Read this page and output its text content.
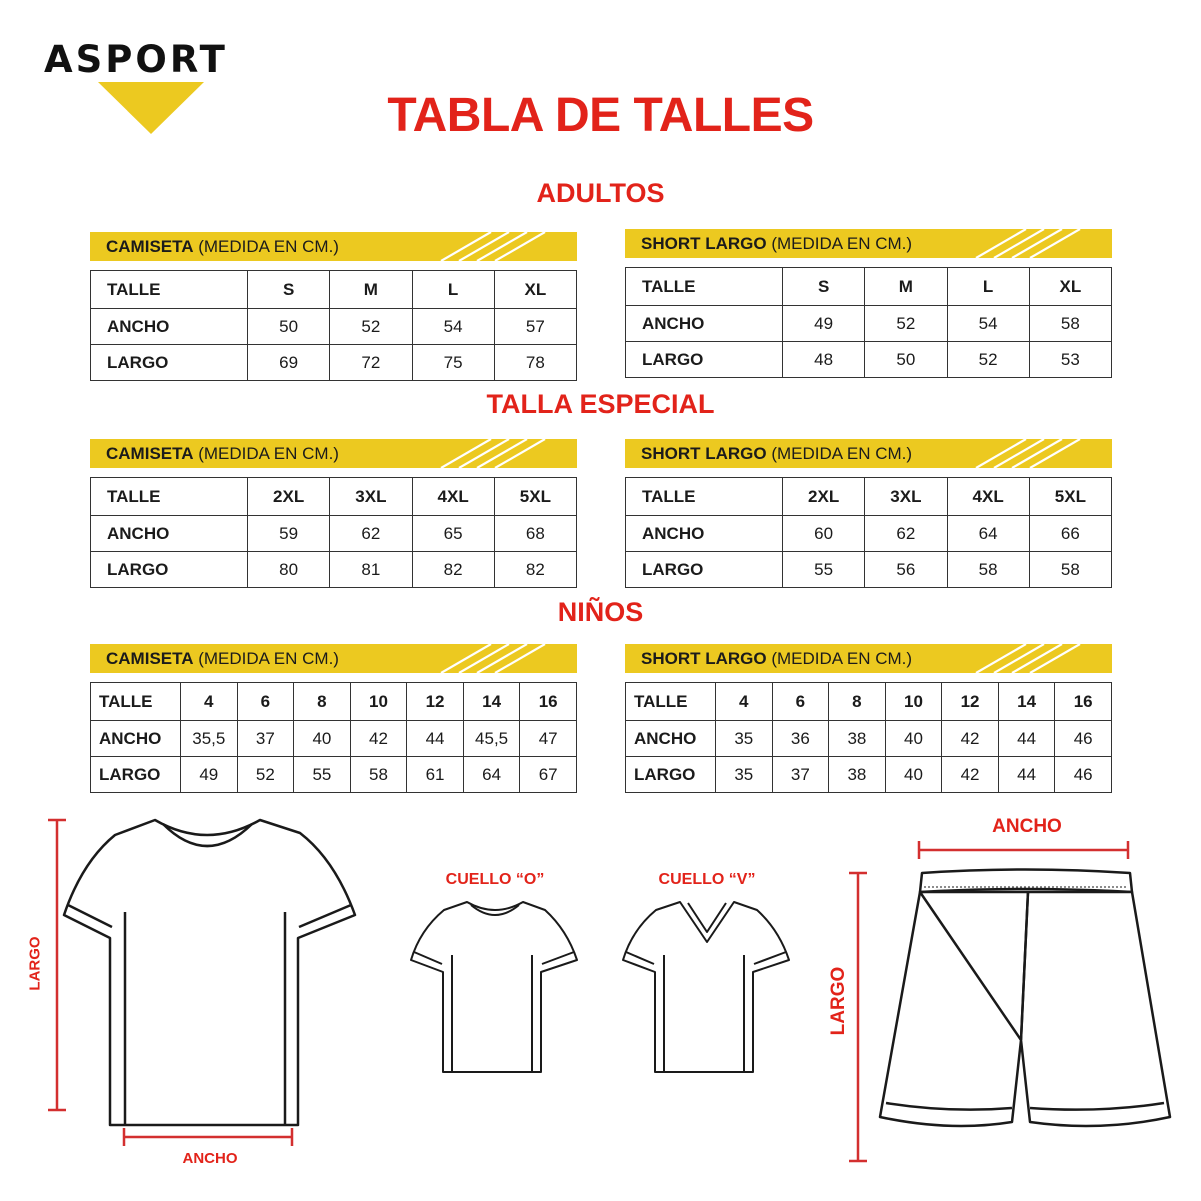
ASPORT
TABLA DE TALLES
ADULTOS
TALLA ESPECIAL
NIÑOS
CAMISETA (MEDIDA EN CM.)
TALLE	S	M	L	XL
ANCHO	50	52	54	57
LARGO	69	72	75	78
SHORT LARGO (MEDIDA EN CM.)
TALLE	S	M	L	XL
ANCHO	49	52	54	58
LARGO	48	50	52	53
CAMISETA (MEDIDA EN CM.)
TALLE	2XL	3XL	4XL	5XL
ANCHO	59	62	65	68
LARGO	80	81	82	82
SHORT LARGO (MEDIDA EN CM.)
TALLE	2XL	3XL	4XL	5XL
ANCHO	60	62	64	66
LARGO	55	56	58	58
CAMISETA (MEDIDA EN CM.)
TALLE	4	6	8	10	12	14	16
ANCHO	35,5	37	40	42	44	45,5	47
LARGO	49	52	55	58	61	64	67
SHORT LARGO (MEDIDA EN CM.)
TALLE	4	6	8	10	12	14	16
ANCHO	35	36	38	40	42	44	46
LARGO	35	37	38	40	42	44	46
LARGO
ANCHO
CUELLO “O”	CUELLO “V”
ANCHO
LARGO
